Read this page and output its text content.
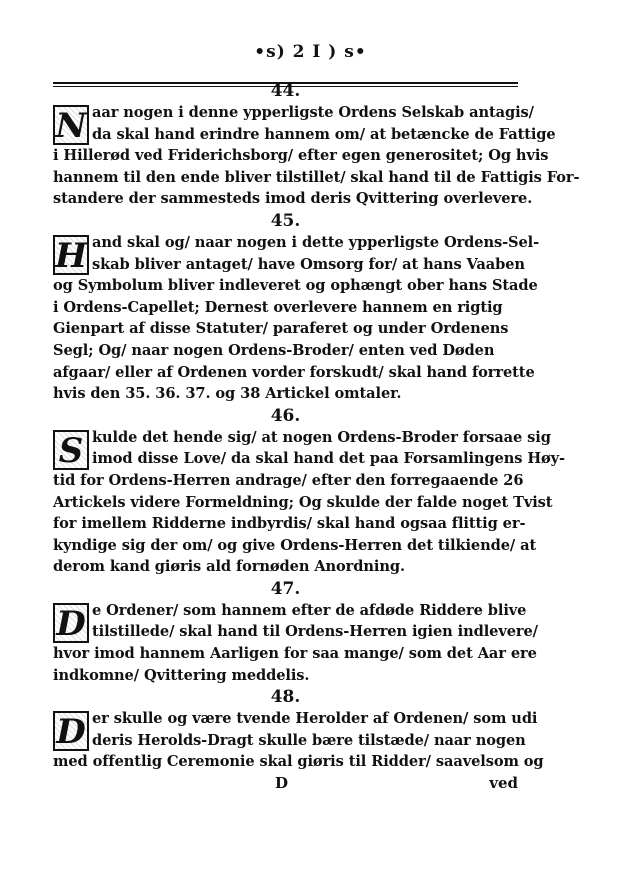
•s) 2 I ) s•
44.
N aar nogen i denne ypperligste Ordens Selskab antagis/
da skal hand erindre hannem om/ at betæncke de Fattige
i Hillerød ved Friderichsborg/ efter egen generositet; Og hvis
hannem til den ende bliver tilstillet/ skal hand til de Fattigis For-
standere der sammesteds imod deris Qvittering overlevere.
45.
H and skal og/ naar nogen i dette ypperligste Ordens-Sel-
skab bliver antaget/ have Omsorg for/ at hans Vaaben
og Symbolum bliver indleveret og ophængt ober hans Stade
i Ordens-Capellet; Dernest overlevere hannem en rigtig
Gienpart af disse Statuter/ paraferet og under Ordenens
Segl; Og/ naar nogen Ordens-Broder/ enten ved Døden
afgaar/ eller af Ordenen vorder forskudt/ skal hand forrette
hvis den 35. 36. 37. og 38 Artickel omtaler.
46.
S kulde det hende sig/ at nogen Ordens-Broder forsaae sig
imod disse Love/ da skal hand det paa Forsamlingens Høy-
tid for Ordens-Herren andrage/ efter den forregaaende 26
Artickels videre Formeldning; Og skulde der falde noget Tvist
for imellem Ridderne indbyrdis/ skal hand ogsaa flittig er-
kyndige sig der om/ og give Ordens-Herren det tilkiende/ at
derom kand giøris ald fornøden Anordning.
47.
D e Ordener/ som hannem efter de afdøde Riddere blive
tilstillede/ skal hand til Ordens-Herren igien indlevere/
hvor imod hannem Aarligen for saa mange/ som det Aar ere
indkomne/ Qvittering meddelis.
48.
D er skulle og være tvende Herolder af Ordenen/ som udi
deris Herolds-Dragt skulle bære tilstæde/ naar nogen
med offentlig Ceremonie skal giøris til Ridder/ saavelsom og
D	ved
